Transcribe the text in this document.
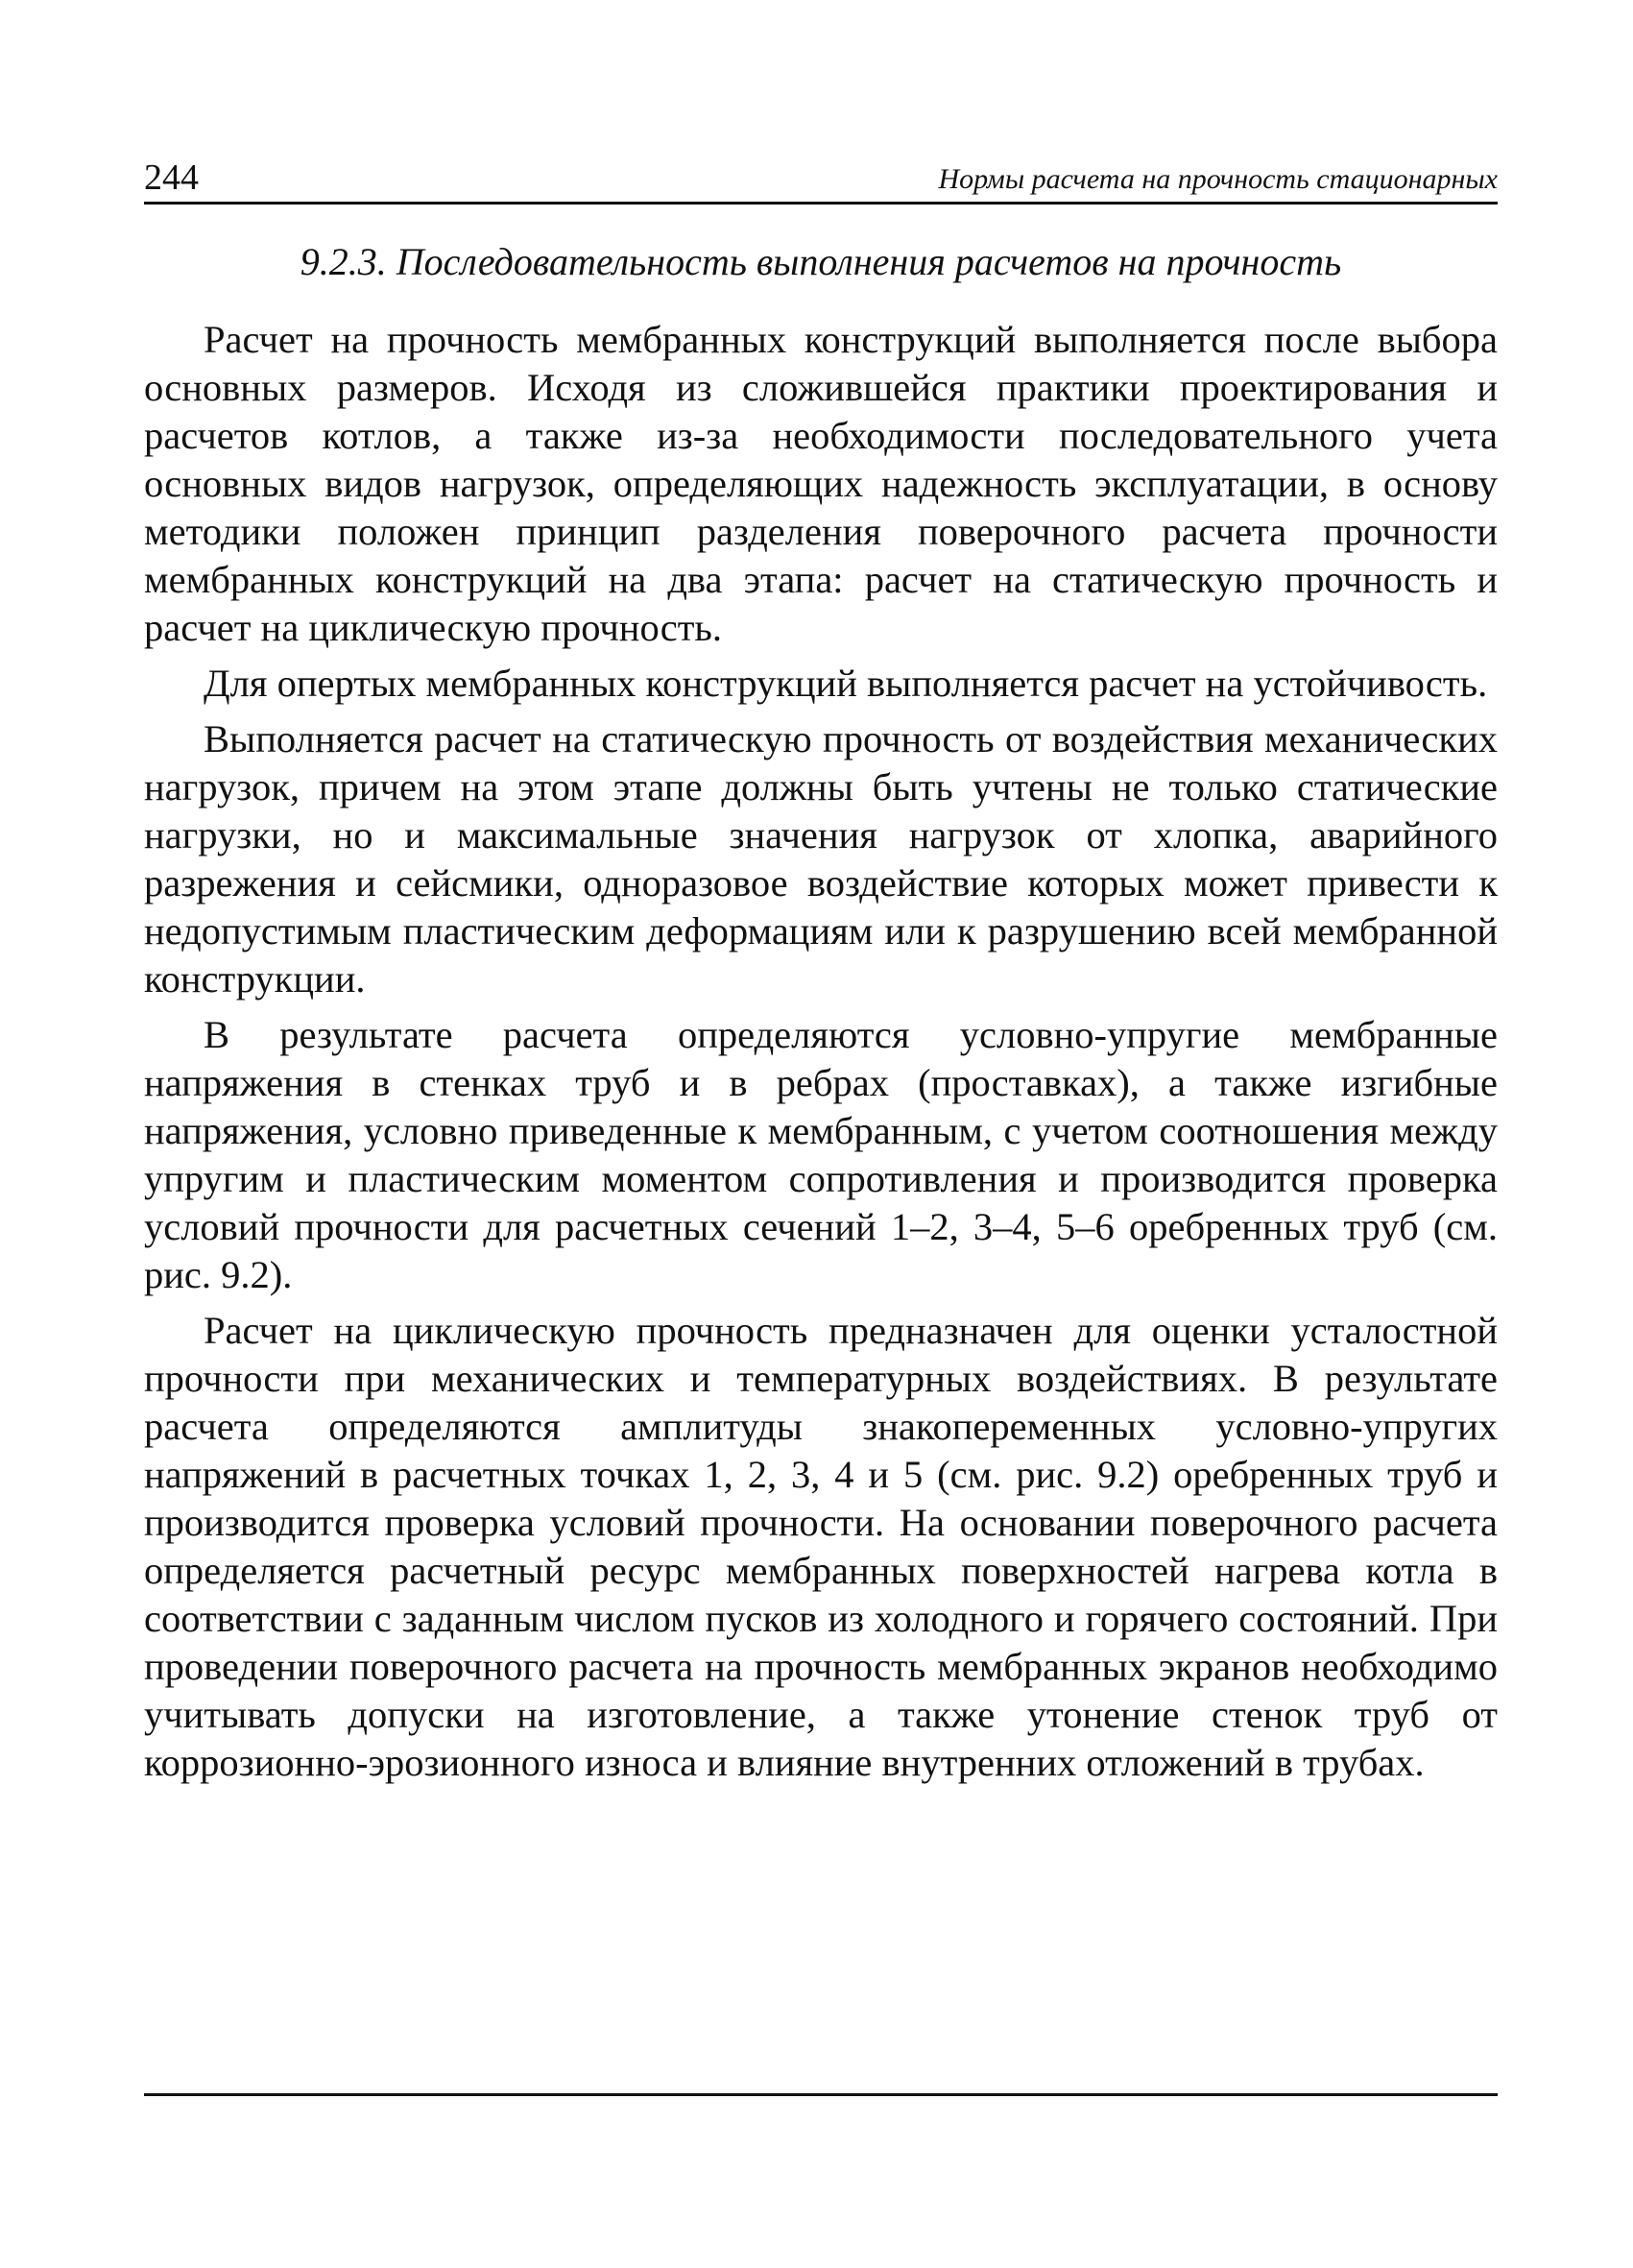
244	Нормы расчета на прочность стационарных
9.2.3. Последовательность выполнения расчетов на прочность

Расчет на прочность мембранных конструкций выполняется после выбора основных размеров. Исходя из сложившейся практики проектирования и расчетов котлов, а также из-за необходимости последовательного учета основных видов нагрузок, определяющих надежность эксплуатации, в основу методики положен принцип разделения поверочного расчета прочности мембранных конструкций на два этапа: расчет на статическую прочность и расчет на циклическую прочность.

Для опертых мембранных конструкций выполняется расчет на устойчивость.

Выполняется расчет на статическую прочность от воздействия механических нагрузок, причем на этом этапе должны быть учтены не только статические нагрузки, но и максимальные значения нагрузок от хлопка, аварийного разрежения и сейсмики, одноразовое воздействие которых может привести к недопустимым пластическим деформациям или к разрушению всей мембранной конструкции.

В результате расчета определяются условно-упругие мембранные напряжения в стенках труб и в ребрах (проставках), а также изгибные напряжения, условно приведенные к мембранным, с учетом соотношения между упругим и пластическим моментом сопротивления и производится проверка условий прочности для расчетных сечений 1–2, 3–4, 5–6 оребренных труб (см. рис. 9.2).

Расчет на циклическую прочность предназначен для оценки усталостной прочности при механических и температурных воздействиях. В результате расчета определяются амплитуды знакопеременных условно-упругих напряжений в расчетных точках 1, 2, 3, 4 и 5 (см. рис. 9.2) оребренных труб и производится проверка условий прочности. На основании поверочного расчета определяется расчетный ресурс мембранных поверхностей нагрева котла в соответствии с заданным числом пусков из холодного и горячего состояний. При проведении поверочного расчета на прочность мембранных экранов необходимо учитывать допуски на изготовление, а также утонение стенок труб от коррозионно-эрозионного износа и влияние внутренних отложений в трубах.
